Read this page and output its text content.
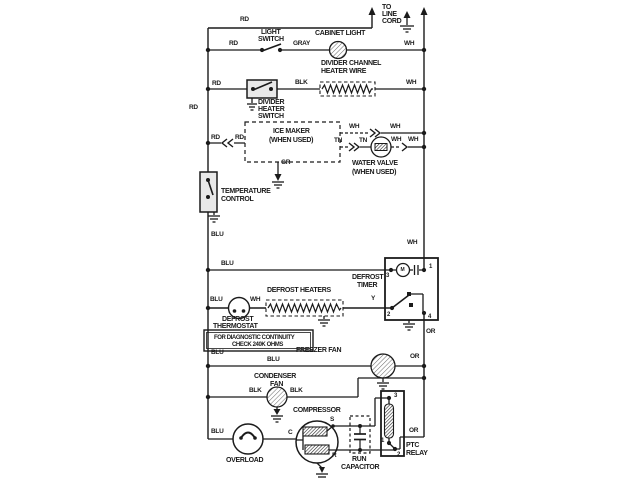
TO
LINE
CORD
RD
LIGHT
SWITCH
RD	GRAY
CABINET LIGHT
WH
DIVIDER CHANNEL
HEATER WIRE
RD	BLK	WH
DIVIDER
HEATER
SWITCH
RD
ICE MAKER
(WHEN USED)
RD RD
WH	WH
TN	TN	WH WH
GR	WATER VALVE
(WHEN USED)
TEMPERATURE
CONTROL
BLU
BLU
WH
DEFROST
TIMER
M
3
1
2	4
OR
DEFROST HEATERS
BLU	WH	Y
DEFROST
THERMOSTAT
FOR DIAGNOSTIC CONTINUITY
CHECK 240K OHMS
FREEZER FAN
BLU
BLU	OR
CONDENSER
FAN
BLK	BLK
COMPRESSOR
BLU	C
S
R
OVERLOAD	RUN
CAPACITOR
3
1
2
OR
PTC
RELAY
